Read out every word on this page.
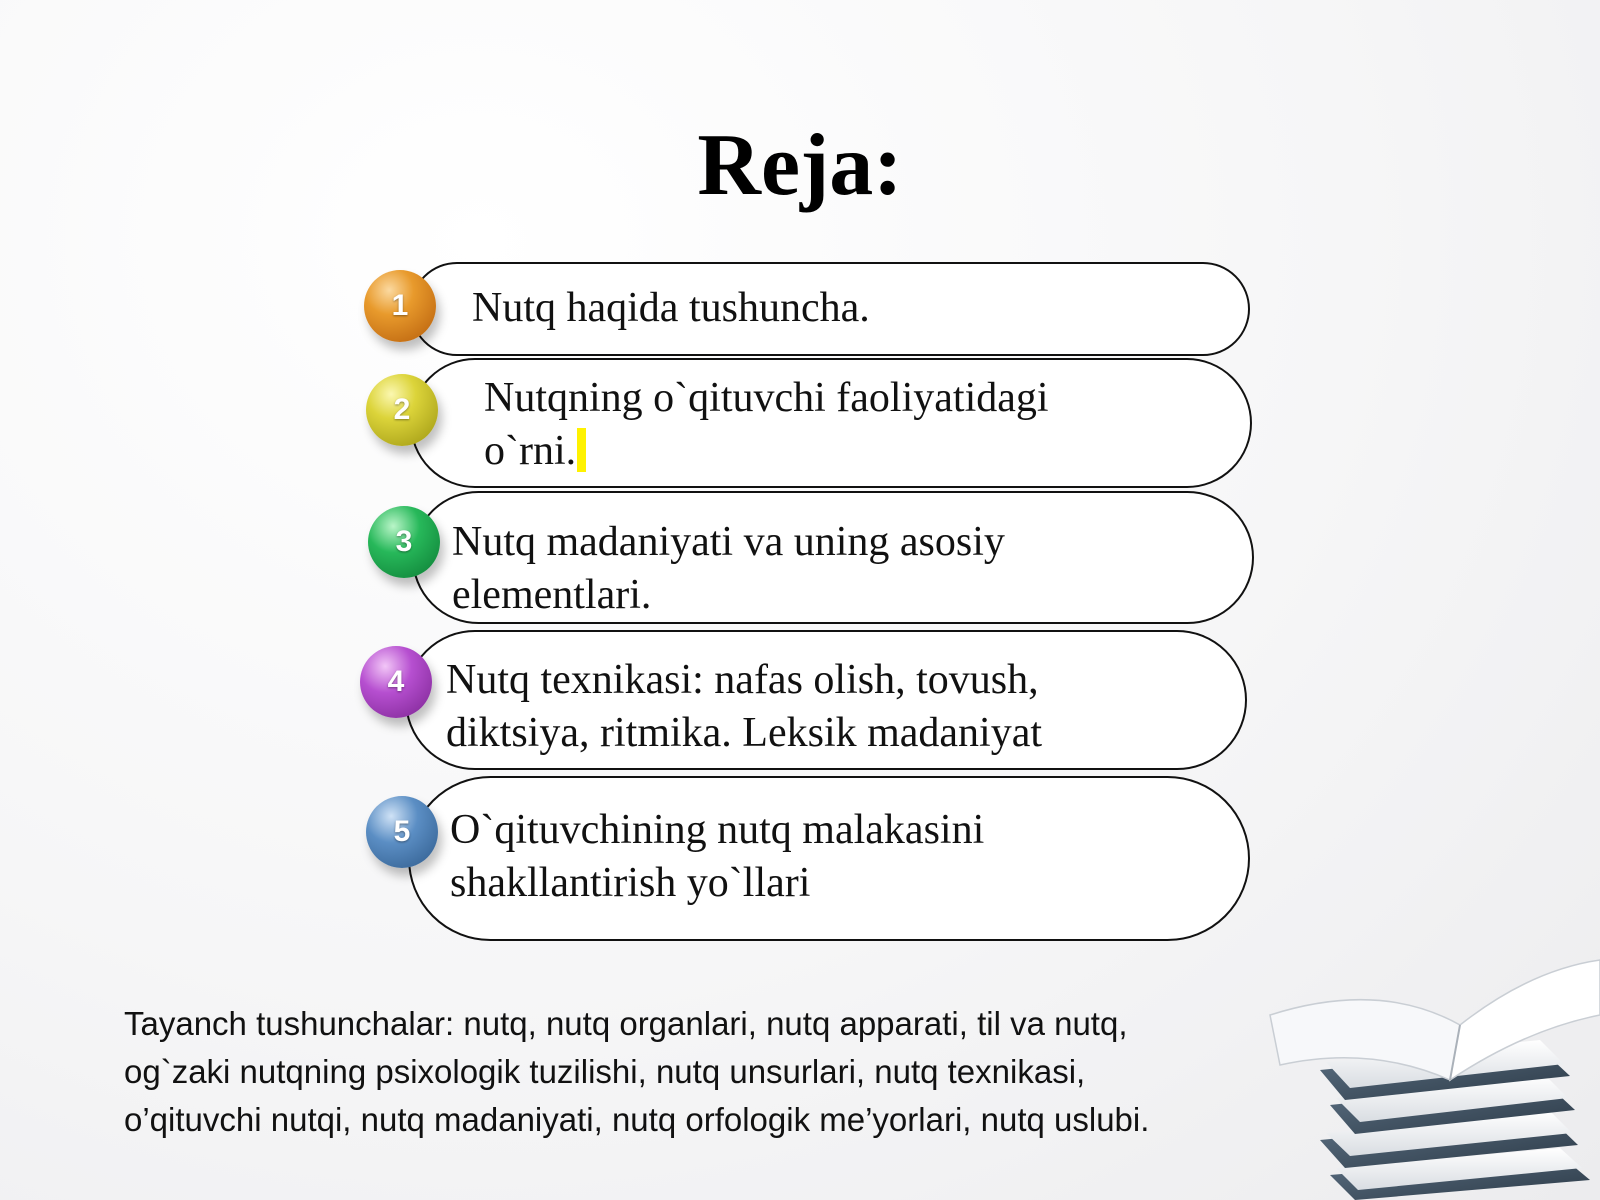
Reja:
Nutq haqida tushuncha.
1
Nutqning o`qituvchi faoliyatidagi
o`rni.
2
Nutq madaniyati va uning asosiy
elementlari.
3
Nutq texnikasi: nafas olish, tovush,
diktsiya, ritmika. Leksik madaniyat
4
O`qituvchining nutq malakasini
shakllantirish yo`llari
5
Tayanch tushunchalar: nutq, nutq organlari, nutq apparati, til va nutq,
og`zaki nutqning psixologik tuzilishi, nutq unsurlari, nutq texnikasi,
o’qituvchi nutqi, nutq madaniyati, nutq orfologik me’yorlari, nutq uslubi.
